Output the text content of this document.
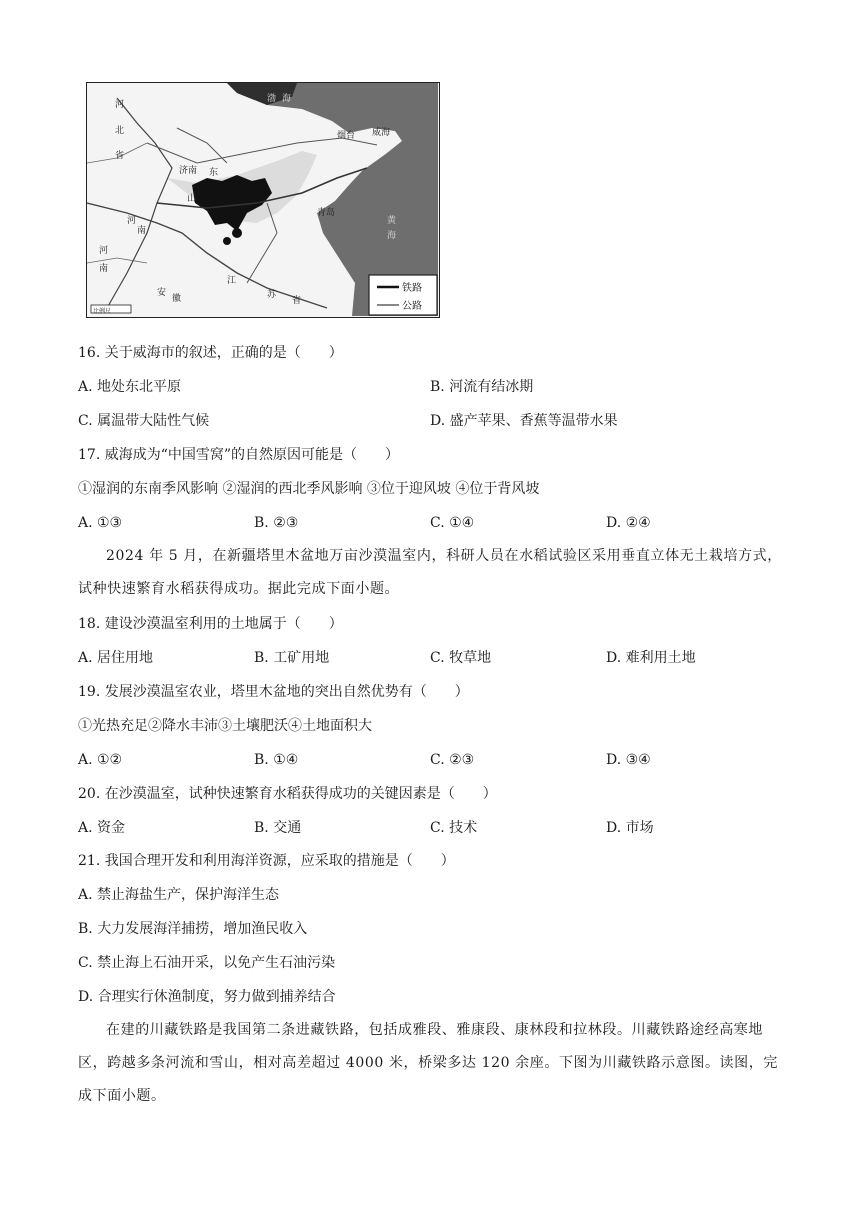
铁路
公路
河
北
省
济南
山
东
河
南
安
徽
江
苏
省
烟台 威海
青岛
渤 海
黄
海
河
南
比例尺
16. 关于威海市的叙述，正确的是（　　）
A. 地处东北平原	B. 河流有结冰期
C. 属温带大陆性气候	D. 盛产苹果、香蕉等温带水果
17. 威海成为“中国雪窝”的自然原因可能是（　　）
①湿润的东南季风影响 ②湿润的西北季风影响 ③位于迎风坡 ④位于背风坡
A. ①③	B. ②③	C. ①④	D. ②④
2024 年 5 月，在新疆塔里木盆地万亩沙漠温室内，科研人员在水稻试验区采用垂直立体无土栽培方式，试种快速繁育水稻获得成功。据此完成下面小题。
18. 建设沙漠温室利用的土地属于（　　）
A. 居住用地	B. 工矿用地	C. 牧草地	D. 难利用土地
19. 发展沙漠温室农业，塔里木盆地的突出自然优势有（　　）
①光热充足②降水丰沛③土壤肥沃④土地面积大
A. ①②	B. ①④	C. ②③	D. ③④
20. 在沙漠温室，试种快速繁育水稻获得成功的关键因素是（　　）
A. 资金	B. 交通	C. 技术	D. 市场
21. 我国合理开发和利用海洋资源，应采取的措施是（　　）
A. 禁止海盐生产，保护海洋生态
B. 大力发展海洋捕捞，增加渔民收入
C. 禁止海上石油开采，以免产生石油污染
D. 合理实行休渔制度，努力做到捕养结合
在建的川藏铁路是我国第二条进藏铁路，包括成雅段、雅康段、康林段和拉林段。川藏铁路途经高寒地区，跨越多条河流和雪山，相对高差超过 4000 米，桥梁多达 120 余座。下图为川藏铁路示意图。读图，完成下面小题。
